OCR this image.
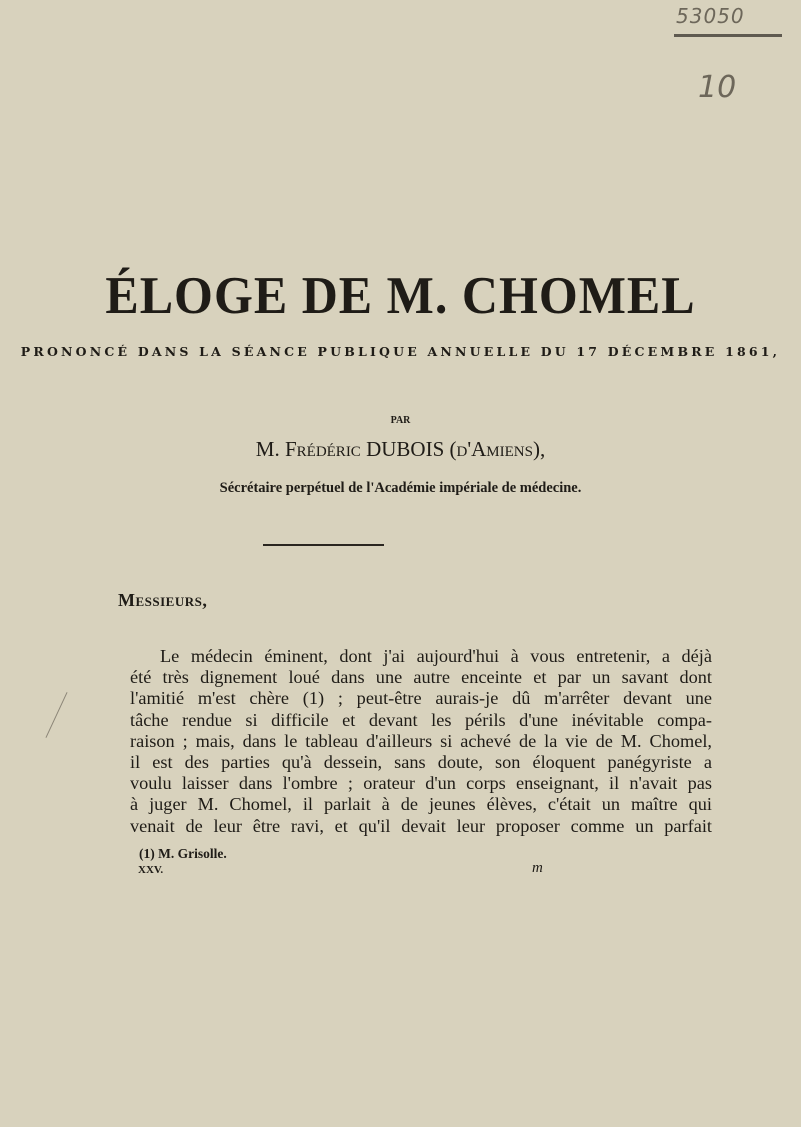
53050
10
ÉLOGE DE M. CHOMEL
PRONONCÉ DANS LA SÉANCE PUBLIQUE ANNUELLE DU 17 DÉCEMBRE 1861,
PAR
M. Frédéric DUBOIS (d'Amiens),
Sécrétaire perpétuel de l'Académie impériale de médecine.
Messieurs,
Le médecin éminent, dont j'ai aujourd'hui à vous entretenir, a déjà
été très dignement loué dans une autre enceinte et par un savant dont
l'amitié m'est chère (1) ; peut-être aurais-je dû m'arrêter devant une
tâche rendue si difficile et devant les périls d'une inévitable compa-
raison ; mais, dans le tableau d'ailleurs si achevé de la vie de M. Chomel,
il est des parties qu'à dessein, sans doute, son éloquent panégyriste a
voulu laisser dans l'ombre ; orateur d'un corps enseignant, il n'avait pas
à juger M. Chomel, il parlait à de jeunes élèves, c'était un maître qui
venait de leur être ravi, et qu'il devait leur proposer comme un parfait
(1) M. Grisolle.
XXV.	m
